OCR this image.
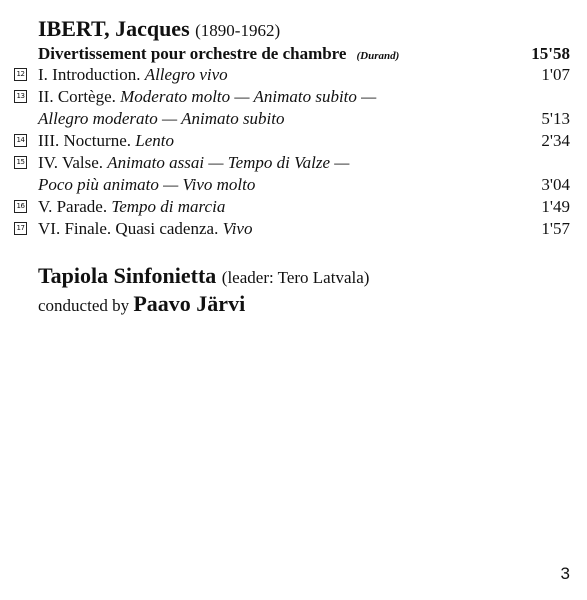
IBERT, Jacques (1890-1962)
Divertissement pour orchestre de chambre (Durand)	15'58
12 I. Introduction. Allegro vivo	1'07
13 II. Cortège. Moderato molto — Animato subito —
Allegro moderato — Animato subito	5'13
14 III. Nocturne. Lento	2'34
15 IV. Valse. Animato assai — Tempo di Valze —
Poco più animato — Vivo molto	3'04
16 V. Parade. Tempo di marcia	1'49
17 VI. Finale. Quasi cadenza. Vivo	1'57
Tapiola Sinfonietta (leader: Tero Latvala)
conducted by Paavo Järvi
3
